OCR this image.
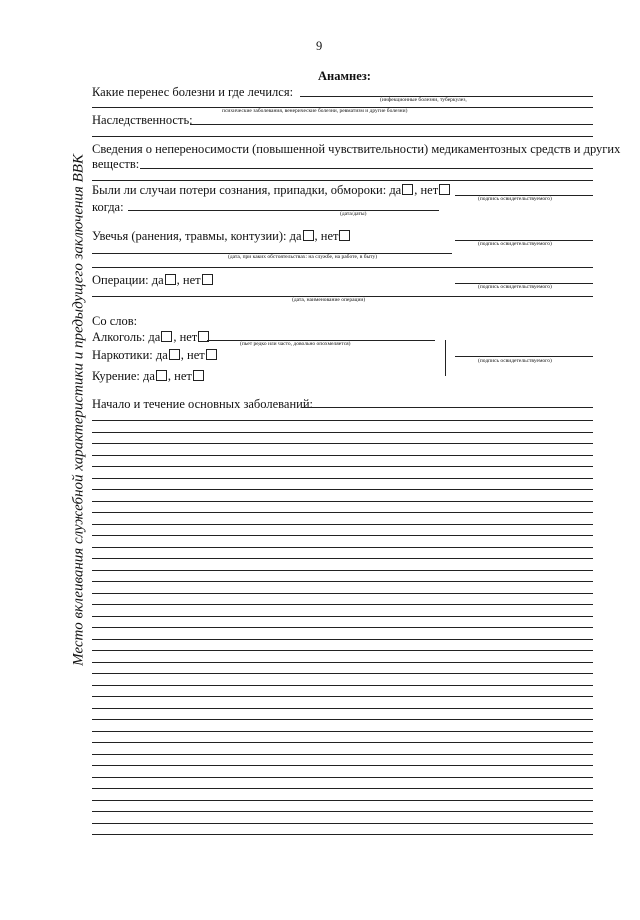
Место вклеивания служебной характеристики и предыдущего заключения ВВК
9
Анамнез:
Какие перенес болезни и где лечился:
(инфекционные болезни, туберкулез,
психические заболевания, венерические болезни, ревматизм и другие болезни)
Наследственность:
Сведения о непереносимости (повышенной чувствительности) медикаментозных средств и других
веществ:
Были ли случаи потери сознания, припадки, обмороки: да , нет
(подпись освидетельствуемого)
когда:	(дата/даты)
Увечья (ранения, травмы, контузии): да , нет
(подпись освидетельствуемого)
(дата, при каких обстоятельствах: на службе, на работе, в быту)
Операции: да , нет	(подпись освидетельствуемого)
(дата, наименование операции)
Со слов:
Алкоголь: да , нет	(пьет редко или часто, довольно опохмеляется)
Наркотики: да , нет	(подпись освидетельствуемого)
Курение: да , нет
Начало и течение основных заболеваний:
